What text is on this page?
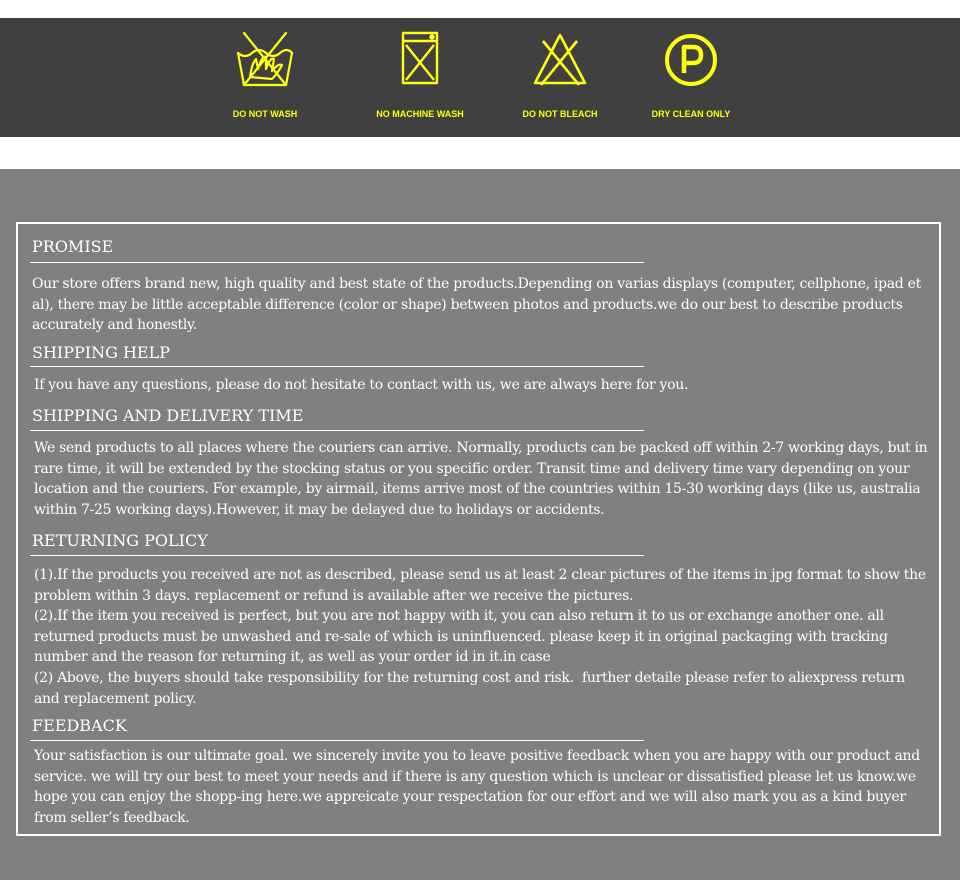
DO NOT WASH	NO MACHINE WASH	DO NOT BLEACH	DRY CLEAN ONLY
PROMISE
Our store offers brand new, high quality and best state of the products.Depending on varias displays (computer, cellphone, ipad et al), there may be little acceptable difference (color or shape) between photos and products.we do our best to describe products accurately and honestly.
SHIPPING HELP
If you have any questions, please do not hesitate to contact with us, we are always here for you.
SHIPPING AND DELIVERY TIME
We send products to all places where the couriers can arrive. Normally, products can be packed off within 2-7 working days, but in rare time, it will be extended by the stocking status or you specific order. Transit time and delivery time vary depending on your location and the couriers. For example, by airmail, items arrive most of the countries within 15-30 working days (like us, australia within 7-25 working days).However, it may be delayed due to holidays or accidents.
RETURNING POLICY
(1).If the products you received are not as described, please send us at least 2 clear pictures of the items in jpg format to show the problem within 3 days. replacement or refund is available after we receive the pictures.
(2).If the item you received is perfect, but you are not happy with it, you can also return it to us or exchange another one. all returned products must be unwashed and re-sale of which is uninfluenced. please keep it in original packaging with tracking number and the reason for returning it, as well as your order id in it.in case
(2) Above, the buyers should take responsibility for the returning cost and risk.  further detaile please refer to aliexpress return and replacement policy.
FEEDBACK
Your satisfaction is our ultimate goal. we sincerely invite you to leave positive feedback when you are happy with our product and service. we will try our best to meet your needs and if there is any question which is unclear or dissatisfied please let us know.we hope you can enjoy the shopp-ing here.we appreicate your respectation for our effort and we will also mark you as a kind buyer from seller’s feedback.
